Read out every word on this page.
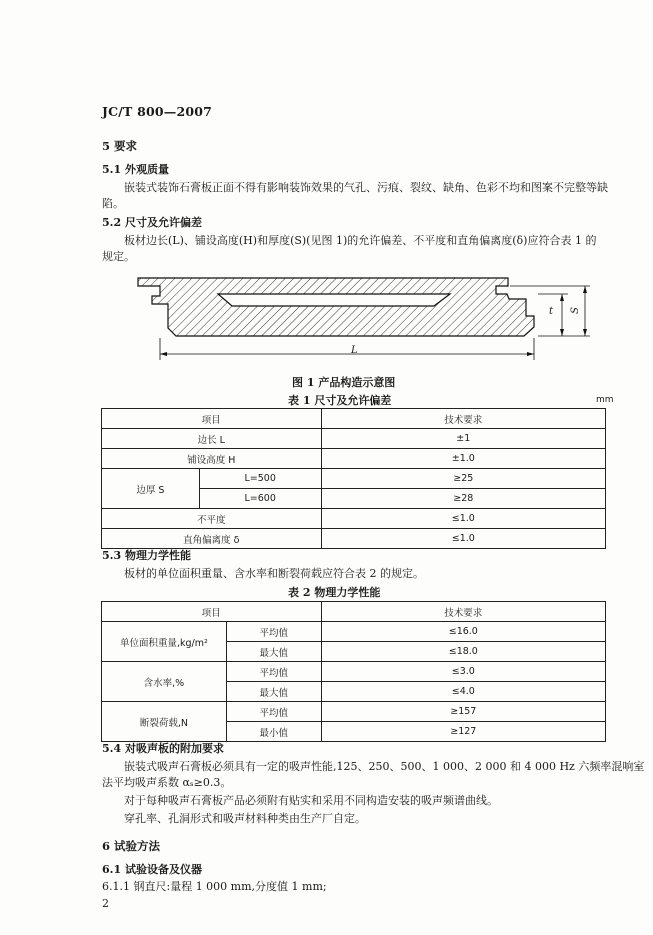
JC/T 800—2007
5 要求
5.1 外观质量
嵌装式装饰石膏板正面不得有影响装饰效果的气孔、污痕、裂纹、缺角、色彩不均和图案不完整等缺
陷。
5.2 尺寸及允许偏差
板材边长(L)、铺设高度(H)和厚度(S)(见图 1)的允许偏差、不平度和直角偏离度(δ)应符合表 1 的
规定。
L
t S
图 1 产品构造示意图
表 1 尺寸及允许偏差	mm
项目		技术要求
边长 L		±1
铺设高度 H		±1.0
边厚 S	L=500	≥25
	L=600	≥28
不平度		≤1.0
直角偏离度 δ		≤1.0
5.3 物理力学性能
板材的单位面积重量、含水率和断裂荷载应符合表 2 的规定。
表 2 物理力学性能
项目		技术要求
单位面积重量,kg/m²	平均值	≤16.0
	最大值	≤18.0
含水率,%	平均值	≤3.0
	最大值	≤4.0
断裂荷载,N	平均值	≥157
	最小值	≥127
5.4 对吸声板的附加要求
嵌装式吸声石膏板必须具有一定的吸声性能,125、250、500、1 000、2 000 和 4 000 Hz 六频率混响室
法平均吸声系数 αₛ≥0.3。
对于每种吸声石膏板产品必须附有贴实和采用不同构造安装的吸声频谱曲线。
穿孔率、孔洞形式和吸声材料种类由生产厂自定。
6 试验方法
6.1 试验设备及仪器
6.1.1 钢直尺:量程 1 000 mm,分度值 1 mm;
2
